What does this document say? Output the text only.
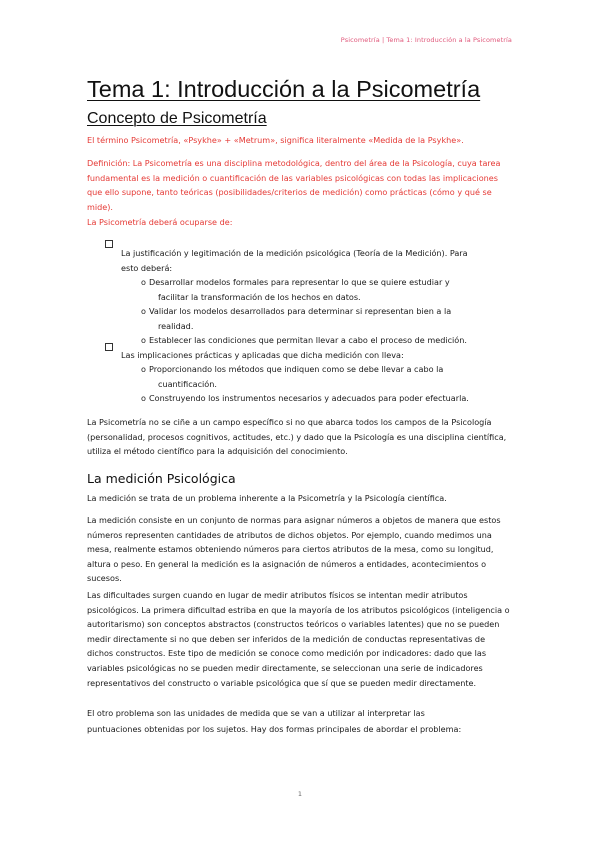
Psicometría | Tema 1: Introducción a la Psicometría
Tema 1: Introducción a la Psicometría
Concepto de Psicometría

El término Psicometría, «Psykhe» + «Metrum», significa literalmente «Medida de la Psykhe».

Definición: La Psicometría es una disciplina metodológica, dentro del área de la Psicología, cuya tarea fundamental es la medición o cuantificación de las variables psicológicas con todas las implicaciones que ello supone, tanto teóricas (posibilidades/criterios de medición) como prácticas (cómo y qué se mide).

La Psicometría deberá ocuparse de:

La justificación y legitimación de la medición psicológica (Teoría de la Medición). Para

esto deberá:

o Desarrollar modelos formales para representar lo que se quiere estudiar y

facilitar la transformación de los hechos en datos.

o Validar los modelos desarrollados para determinar si representan bien a la

realidad.

o Establecer las condiciones que permitan llevar a cabo el proceso de medición.

Las implicaciones prácticas y aplicadas que dicha medición con lleva:

o Proporcionando los métodos que indiquen como se debe llevar a cabo la

cuantificación.

o Construyendo los instrumentos necesarios y adecuados para poder efectuarla.

La Psicometría no se ciñe a un campo específico si no que abarca todos los campos de la Psicología (personalidad, procesos cognitivos, actitudes, etc.) y dado que la Psicología es una disciplina científica, utiliza el método científico para la adquisición del conocimiento.

La medición Psicológica

La medición se trata de un problema inherente a la Psicometría y la Psicología científica.

La medición consiste en un conjunto de normas para asignar números a objetos de manera que estos números representen cantidades de atributos de dichos objetos. Por ejemplo, cuando medimos una mesa, realmente estamos obteniendo números para ciertos atributos de la mesa, como su longitud, altura o peso. En general la medición es la asignación de números a entidades, acontecimientos o sucesos.

Las dificultades surgen cuando en lugar de medir atributos físicos se intentan medir atributos psicológicos. La primera dificultad estriba en que la mayoría de los atributos psicológicos (inteligencia o autoritarismo) son conceptos abstractos (constructos teóricos o variables latentes) que no se pueden medir directamente si no que deben ser inferidos de la medición de conductas representativas de dichos constructos. Este tipo de medición se conoce como medición por indicadores: dado que las variables psicológicas no se pueden medir directamente, se seleccionan una serie de indicadores representativos del constructo o variable psicológica que sí que se pueden medir directamente.

El otro problema son las unidades de medida que se van a utilizar al interpretar las

puntuaciones obtenidas por los sujetos. Hay dos formas principales de abordar el problema:

1
